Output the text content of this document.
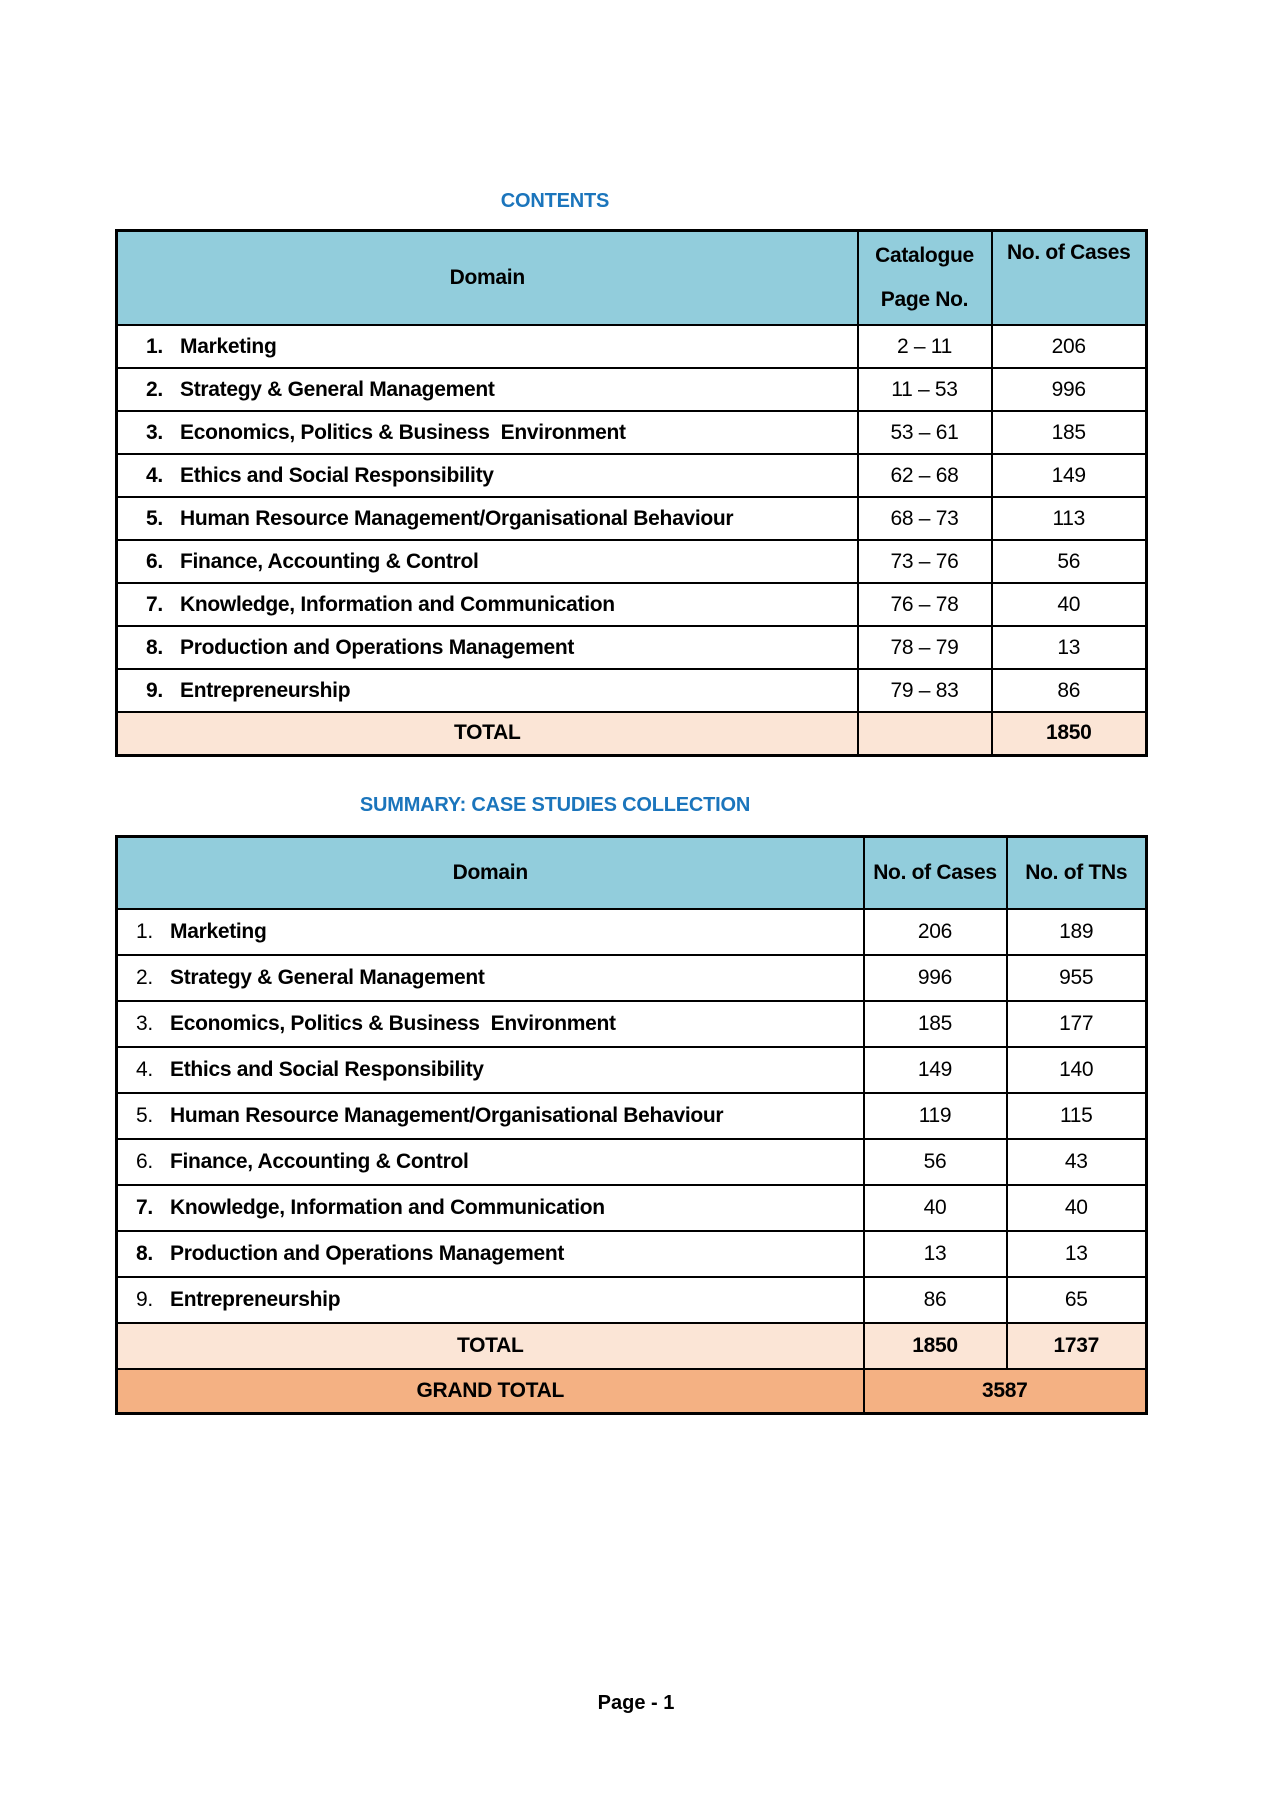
CONTENTS
Domain	Catalogue Page No.	No. of Cases

1. Marketing	2 – 11	206

2. Strategy & General Management	11 – 53	996

3. Economics, Politics & Business  Environment	53 – 61	185

4. Ethics and Social Responsibility	62 – 68	149

5. Human Resource Management/Organisational Behaviour	68 – 73	113

6. Finance, Accounting & Control	73 – 76	56

7. Knowledge, Information and Communication	76 – 78	40

8. Production and Operations Management	78 – 79	13

9. Entrepreneurship	79 – 83	86
TOTAL		1850
SUMMARY: CASE STUDIES COLLECTION
Domain	No. of Cases	No. of TNs

1. Marketing	206	189

2. Strategy & General Management	996	955

3. Economics, Politics & Business  Environment	185	177

4. Ethics and Social Responsibility	149	140

5. Human Resource Management/Organisational Behaviour	119	115

6. Finance, Accounting & Control	56	43

7. Knowledge, Information and Communication	40	40

8. Production and Operations Management	13	13

9. Entrepreneurship	86	65
TOTAL	1850	1737
GRAND TOTAL	3587	
Page - 1
